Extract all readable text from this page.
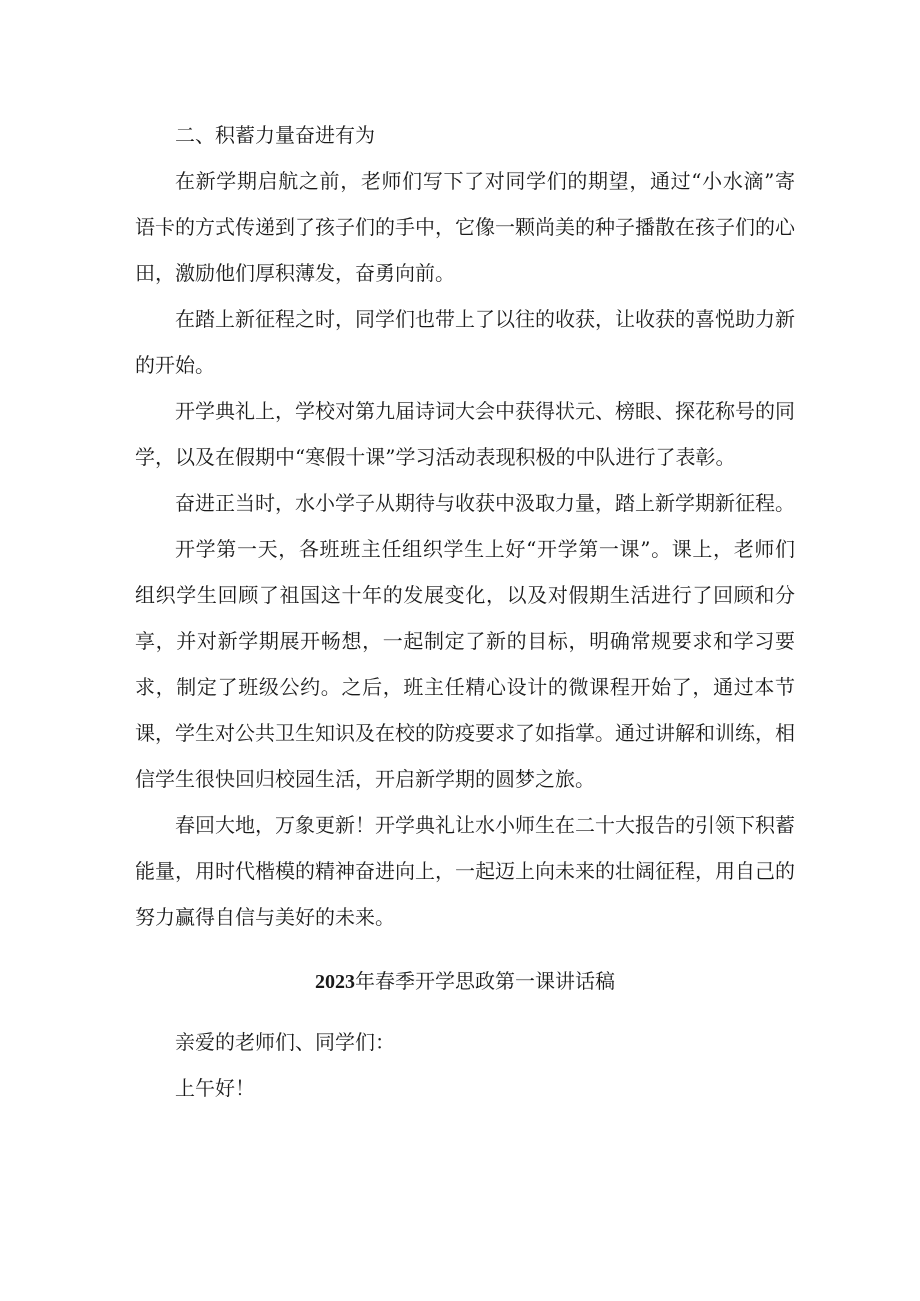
二、积蓄力量奋进有为

在新学期启航之前，老师们写下了对同学们的期望，通过“小水滴”寄语卡的方式传递到了孩子们的手中，它像一颗尚美的种子播散在孩子们的心田，激励他们厚积薄发，奋勇向前。

在踏上新征程之时，同学们也带上了以往的收获，让收获的喜悦助力新的开始。

开学典礼上，学校对第九届诗词大会中获得状元、榜眼、探花称号的同学，以及在假期中“寒假十课”学习活动表现积极的中队进行了表彰。

奋进正当时，水小学子从期待与收获中汲取力量，踏上新学期新征程。

开学第一天，各班班主任组织学生上好“开学第一课”。课上，老师们组织学生回顾了祖国这十年的发展变化，以及对假期生活进行了回顾和分享，并对新学期展开畅想，一起制定了新的目标，明确常规要求和学习要求，制定了班级公约。之后，班主任精心设计的微课程开始了，通过本节课，学生对公共卫生知识及在校的防疫要求了如指掌。通过讲解和训练，相信学生很快回归校园生活，开启新学期的圆梦之旅。

春回大地，万象更新！开学典礼让水小师生在二十大报告的引领下积蓄能量，用时代楷模的精神奋进向上，一起迈上向未来的壮阔征程，用自己的努力赢得自信与美好的未来。

2023年春季开学思政第一课讲话稿

亲爱的老师们、同学们：

上午好！
